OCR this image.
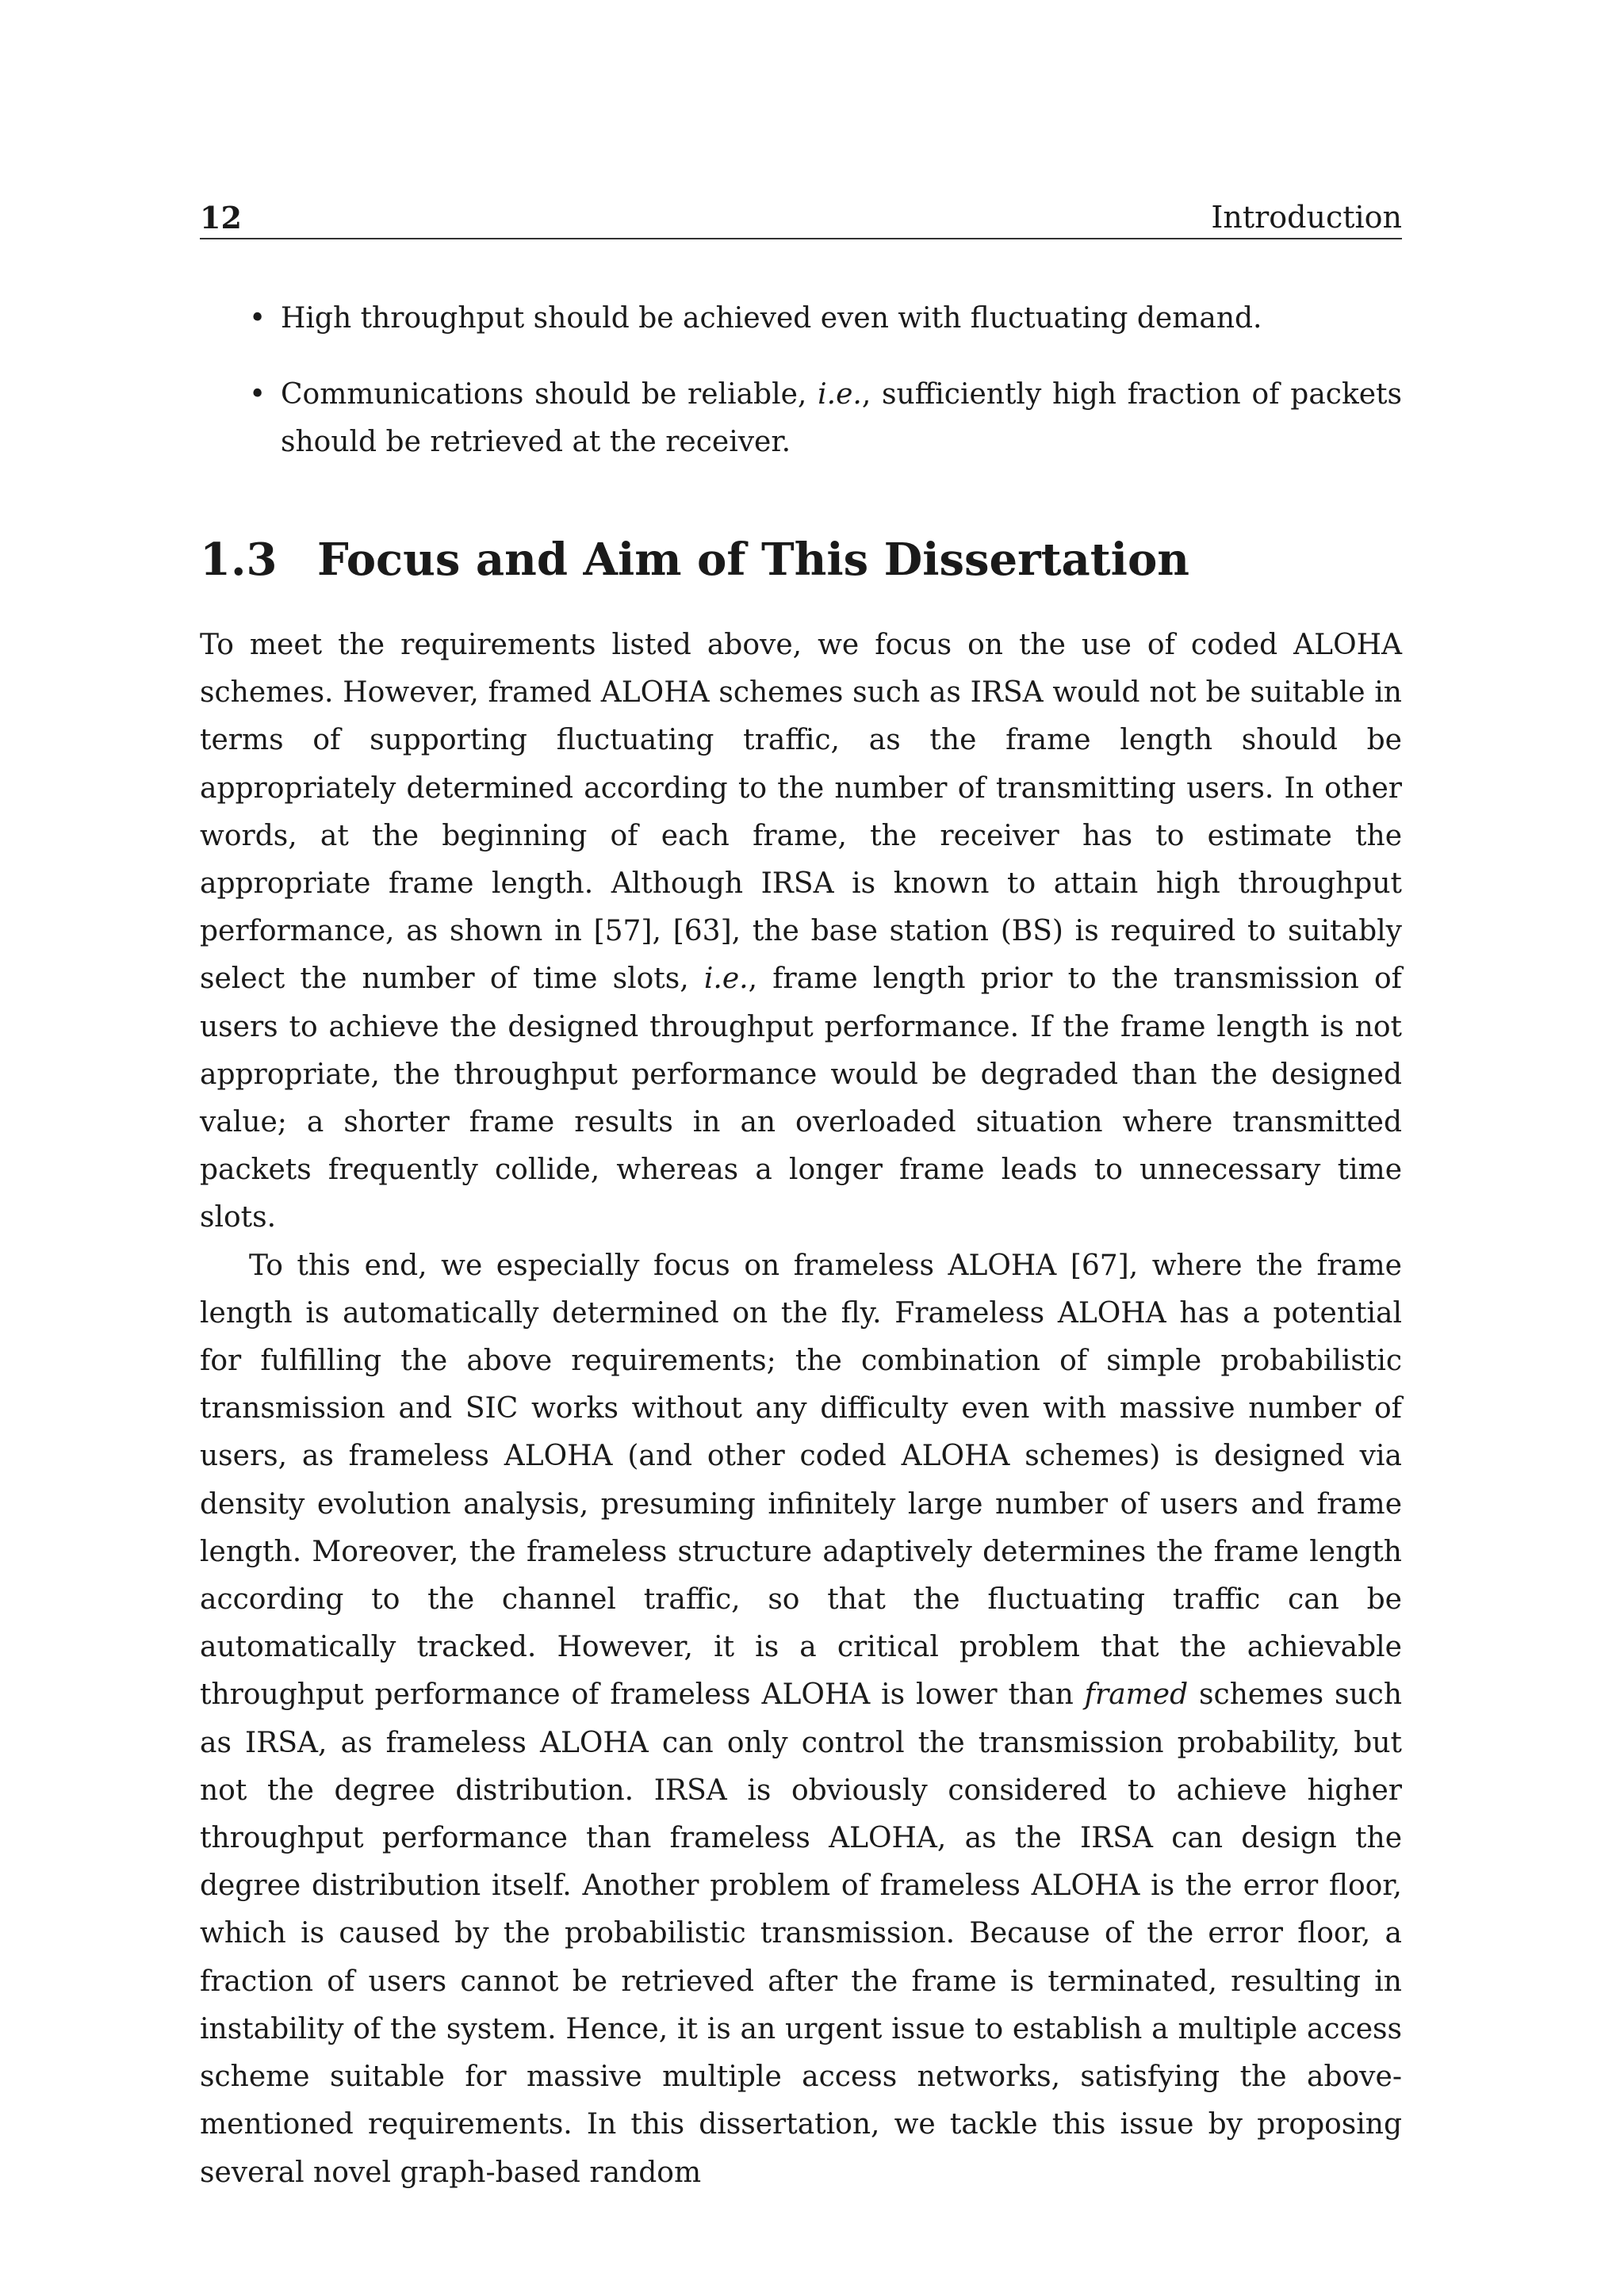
12	Introduction
• High throughput should be achieved even with fluctuating demand.
• Communications should be reliable, i.e., sufficiently high fraction of packets should be retrieved at the receiver.
1.3 Focus and Aim of This Dissertation

To meet the requirements listed above, we focus on the use of coded ALOHA schemes. However, framed ALOHA schemes such as IRSA would not be suitable in terms of supporting fluctuating traffic, as the frame length should be appropriately determined according to the number of transmitting users. In other words, at the beginning of each frame, the receiver has to estimate the appropriate frame length. Although IRSA is known to attain high throughput performance, as shown in [57], [63], the base station (BS) is required to suitably select the number of time slots, i.e., frame length prior to the transmission of users to achieve the designed throughput performance. If the frame length is not appropriate, the throughput performance would be degraded than the designed value; a shorter frame results in an overloaded situation where transmitted packets frequently collide, whereas a longer frame leads to unnecessary time slots.

To this end, we especially focus on frameless ALOHA [67], where the frame length is automatically determined on the fly. Frameless ALOHA has a potential for fulfilling the above requirements; the combination of simple probabilistic transmission and SIC works without any difficulty even with massive number of users, as frameless ALOHA (and other coded ALOHA schemes) is designed via density evolution analysis, presuming infinitely large number of users and frame length. Moreover, the frameless structure adaptively determines the frame length according to the channel traffic, so that the fluctuating traffic can be automatically tracked. However, it is a critical problem that the achievable throughput performance of frameless ALOHA is lower than framed schemes such as IRSA, as frameless ALOHA can only control the transmission probability, but not the degree distribution. IRSA is obviously considered to achieve higher throughput performance than frameless ALOHA, as the IRSA can design the degree distribution itself. Another problem of frameless ALOHA is the error floor, which is caused by the probabilistic transmission. Because of the error floor, a fraction of users cannot be retrieved after the frame is terminated, resulting in instability of the system. Hence, it is an urgent issue to establish a multiple access scheme suitable for massive multiple access networks, satisfying the above-mentioned requirements. In this dissertation, we tackle this issue by proposing several novel graph-based random
